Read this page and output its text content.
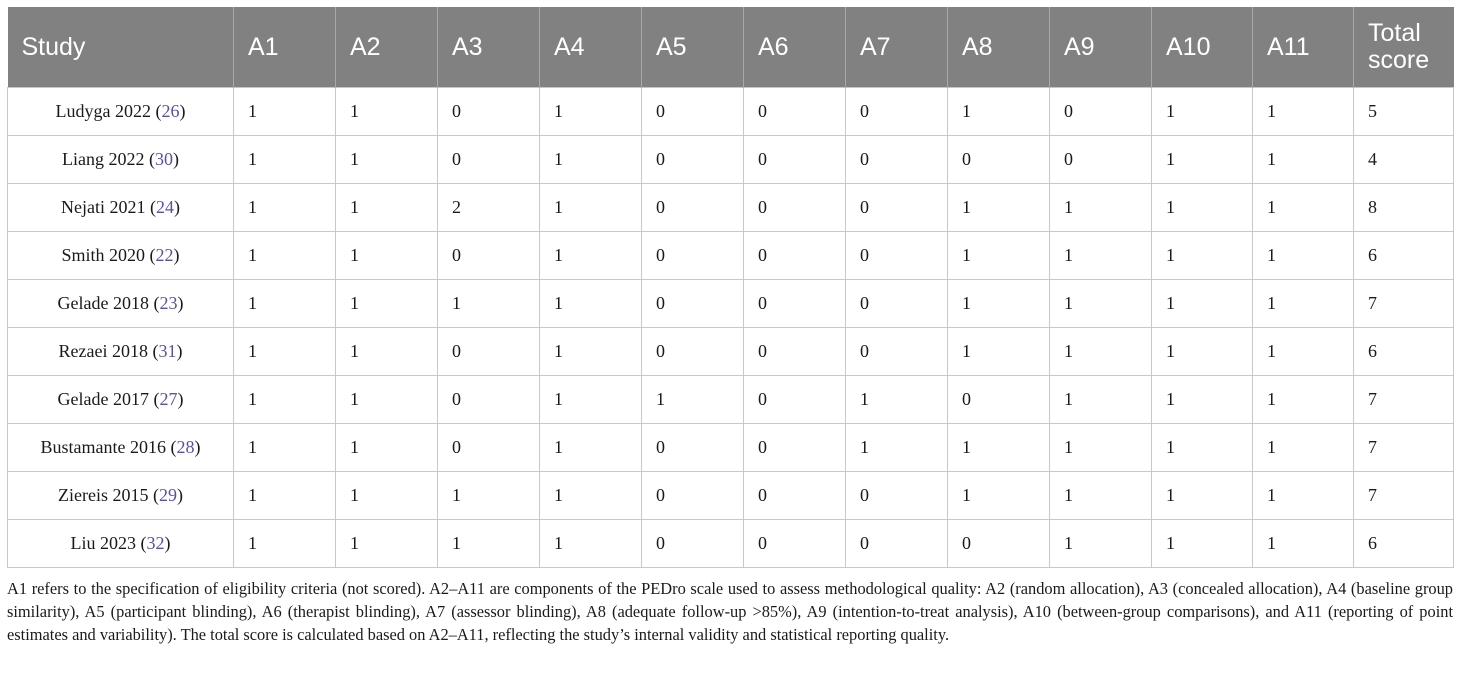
Study	A1	A2	A3	A4	A5	A6	A7	A8	A9	A10	A11	Total score
Ludyga 2022 (26)	1	1	0	1	0	0	0	1	0	1	1	5
Liang 2022 (30)	1	1	0	1	0	0	0	0	0	1	1	4
Nejati 2021 (24)	1	1	2	1	0	0	0	1	1	1	1	8
Smith 2020 (22)	1	1	0	1	0	0	0	1	1	1	1	6
Gelade 2018 (23)	1	1	1	1	0	0	0	1	1	1	1	7
Rezaei 2018 (31)	1	1	0	1	0	0	0	1	1	1	1	6
Gelade 2017 (27)	1	1	0	1	1	0	1	0	1	1	1	7
Bustamante 2016 (28)	1	1	0	1	0	0	1	1	1	1	1	7
Ziereis 2015 (29)	1	1	1	1	0	0	0	1	1	1	1	7
Liu 2023 (32)	1	1	1	1	0	0	0	0	1	1	1	6

A1 refers to the specification of eligibility criteria (not scored). A2–A11 are components of the PEDro scale used to assess methodological quality: A2 (random allocation), A3 (concealed allocation), A4 (baseline group similarity), A5 (participant blinding), A6 (therapist blinding), A7 (assessor blinding), A8 (adequate follow-up >85%), A9 (intention-to-treat analysis), A10 (between-group comparisons), and A11 (reporting of point estimates and variability). The total score is calculated based on A2–A11, reflecting the study’s internal validity and statistical reporting quality.
